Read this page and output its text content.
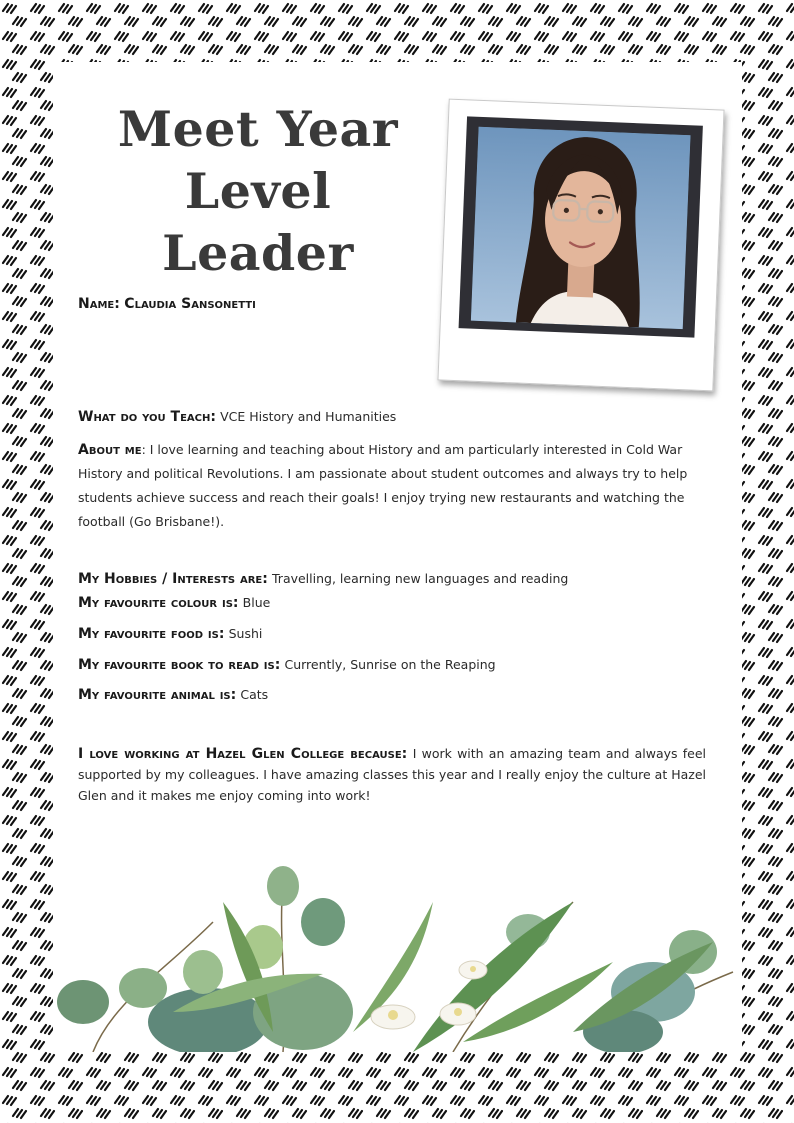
Meet Year
Level Leader
Name: Claudia Sansonetti

What do you Teach: VCE History and Humanities

About me: I love learning and teaching about History and am particularly interested in Cold War History and political Revolutions. I am passionate about student outcomes and always try to help students achieve success and reach their goals! I enjoy trying new restaurants and watching the football (Go Brisbane!).

My Hobbies / Interests are: Travelling, learning new languages and reading

My favourite colour is: Blue

My favourite food is: Sushi

My favourite book to read is: Currently, Sunrise on the Reaping

My favourite animal is: Cats

I love working at Hazel Glen College because: I work with an amazing team and always feel supported by my colleagues. I have amazing classes this year and I really enjoy the culture at Hazel Glen and it makes me enjoy coming into work!
